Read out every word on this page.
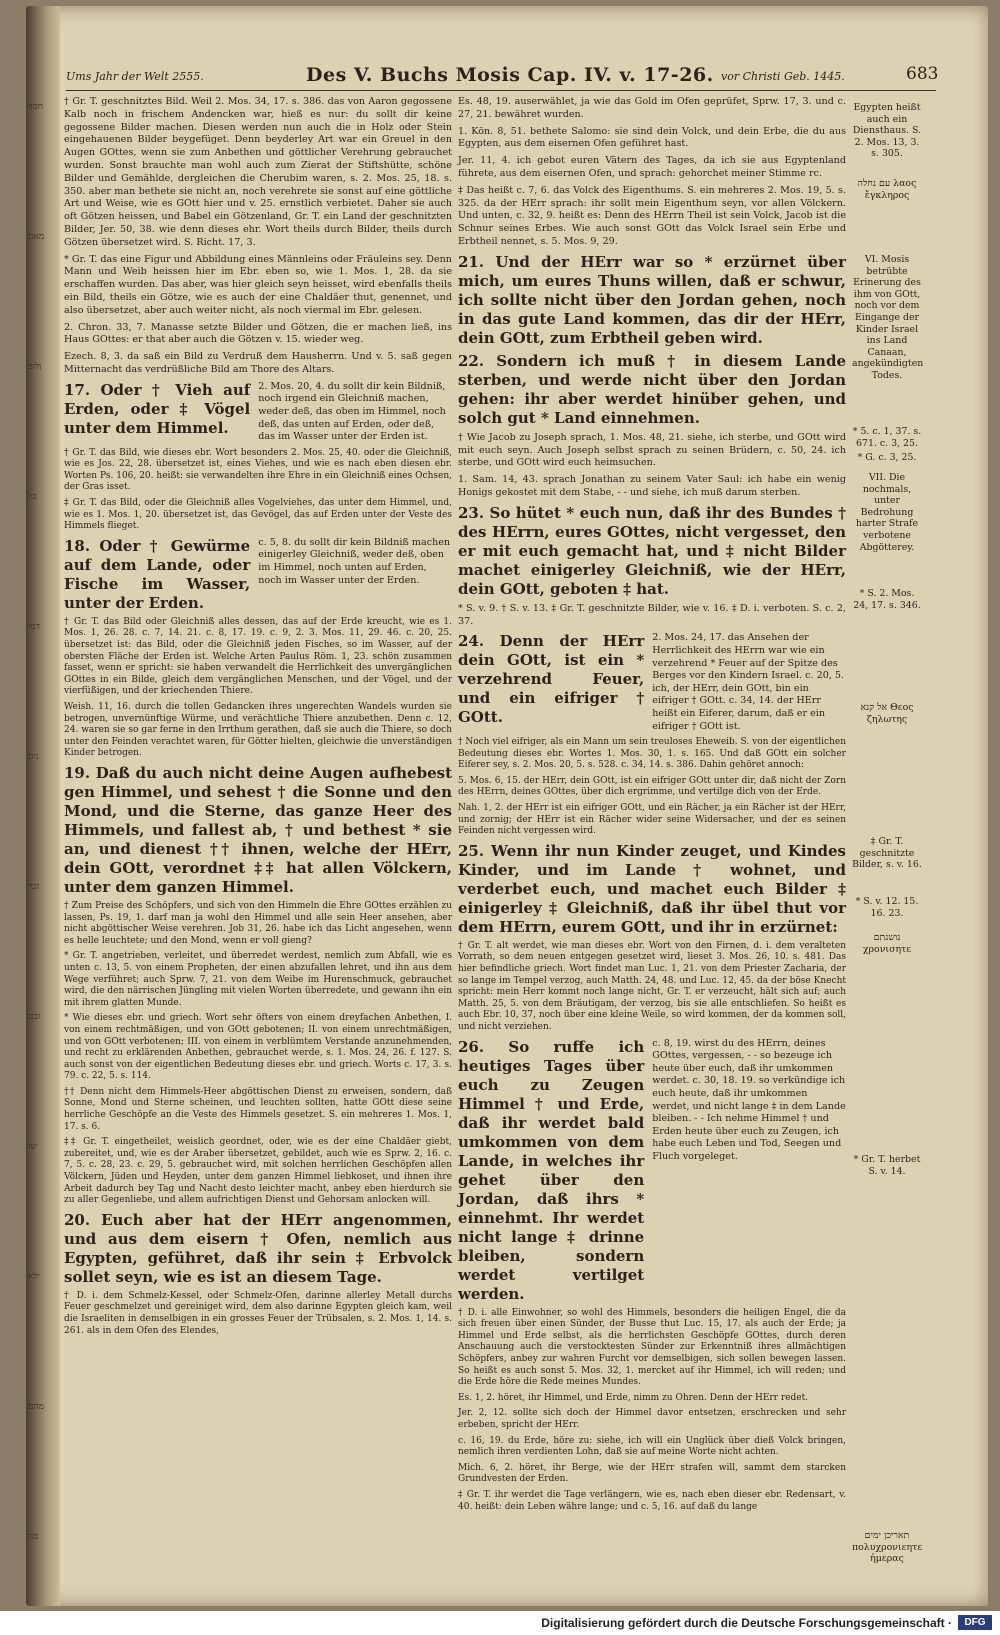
חסף
מאם
ןלזב
כל
דמו
נים
זכר
ובם
שו
ילא
מהם
מה
Ums Jahr der Welt 2555.	Des V. Buchs Mosis Cap. IV. v. 17-26. vor Christi Geb. 1445.	683

† Gr. T. geschnitztes Bild. Weil 2. Mos. 34, 17. s. 386. das von Aaron gegossene Kalb noch in frischem Andencken war, hieß es nur: du sollt dir keine gegossene Bilder machen. Diesen werden nun auch die in Holz oder Stein eingehauenen Bilder beygefüget. Denn beyderley Art war ein Greuel in den Augen GOttes, wenn sie zum Anbethen und göttlicher Verehrung gebrauchet wurden. Sonst brauchte man wohl auch zum Zierat der Stiftshütte, schöne Bilder und Gemählde, dergleichen die Cherubim waren, s. 2. Mos. 25, 18. s. 350. aber man bethete sie nicht an, noch verehrete sie sonst auf eine göttliche Art und Weise, wie es GOtt hier und v. 25. ernstlich verbietet. Daher sie auch oft Götzen heissen, und Babel ein Götzenland, Gr. T. ein Land der geschnitzten Bilder, Jer. 50, 38. wie denn dieses ehr. Wort theils durch Bilder, theils durch Götzen übersetzet wird. S. Richt. 17, 3.

* Gr. T. das eine Figur und Abbildung eines Männleins oder Fräuleins sey. Denn Mann und Weib heissen hier im Ebr. eben so, wie 1. Mos. 1, 28. da sie erschaffen wurden. Das aber, was hier gleich seyn heisset, wird ebenfalls theils ein Bild, theils ein Götze, wie es auch der eine Chaldäer thut, genennet, und also übersetzet, aber auch weiter nicht, als noch viermal im Ebr. gelesen.

2. Chron. 33, 7. Manasse setzte Bilder und Götzen, die er machen ließ, ins Haus GOttes: er that aber auch die Götzen v. 15. wieder weg.

Ezech. 8, 3. da saß ein Bild zu Verdruß dem Hausherrn. Und v. 5. saß gegen Mitternacht das verdrüßliche Bild am Thore des Altars.

17. Oder † Vieh auf Erden, oder ‡ Vögel unter dem Himmel.
2. Mos. 20, 4. du sollt dir kein Bildniß, noch irgend ein Gleichniß machen, weder deß, das oben im Himmel, noch deß, das unten auf Erden, oder deß, das im Wasser unter der Erden ist.

† Gr. T. das Bild, wie dieses ebr. Wort besonders 2. Mos. 25, 40. oder die Gleichniß, wie es Jos. 22, 28. übersetzet ist, eines Viehes, und wie es nach eben diesen ebr. Worten Ps. 106, 20. heißt: sie verwandelten ihre Ehre in ein Gleichniß eines Ochsen, der Gras isset.

‡ Gr. T. das Bild, oder die Gleichniß alles Vogelviehes, das unter dem Himmel, und, wie es 1. Mos. 1, 20. übersetzet ist, das Gevögel, das auf Erden unter der Veste des Himmels flieget.

18. Oder † Gewürme auf dem Lande, oder Fische im Wasser, unter der Erden.
c. 5, 8. du sollt dir kein Bildniß machen einigerley Gleichniß, weder deß, oben im Himmel, noch unten auf Erden, noch im Wasser unter der Erden.

† Gr. T. das Bild oder Gleichniß alles dessen, das auf der Erde kreucht, wie es 1. Mos. 1, 26. 28. c. 7, 14. 21. c. 8, 17. 19. c. 9, 2. 3. Mos. 11, 29. 46. c. 20, 25. übersetzet ist: das Bild, oder die Gleichniß jeden Fisches, so im Wasser, auf der obersten Fläche der Erden ist. Welche Arten Paulus Röm. 1, 23. schön zusammen fasset, wenn er spricht: sie haben verwandelt die Herrlichkeit des unvergänglichen GOttes in ein Bilde, gleich dem vergänglichen Menschen, und der Vögel, und der vierfüßigen, und der kriechenden Thiere.

Weish. 11, 16. durch die tollen Gedancken ihres ungerechten Wandels wurden sie betrogen, unvernünftige Würme, und verächtliche Thiere anzubethen. Denn c. 12, 24. waren sie so gar ferne in den Irrthum gerathen, daß sie auch die Thiere, so doch unter den Feinden verachtet waren, für Götter hielten, gleichwie die unverständigen Kinder betrogen.

19. Daß du auch nicht deine Augen aufhebest gen Himmel, und sehest † die Sonne und den Mond, und die Sterne, das ganze Heer des Himmels, und fallest ab, † und bethest * sie an, und dienest †† ihnen, welche der HErr, dein GOtt, verordnet ‡‡ hat allen Völckern, unter dem ganzen Himmel.

† Zum Preise des Schöpfers, und sich von den Himmeln die Ehre GOttes erzählen zu lassen, Ps. 19, 1. darf man ja wohl den Himmel und alle sein Heer ansehen, aber nicht abgöttischer Weise verehren. Job 31, 26. habe ich das Licht angesehen, wenn es helle leuchtete; und den Mond, wenn er voll gieng?

* Gr. T. angetrieben, verleitet, und überredet werdest, nemlich zum Abfall, wie es unten c. 13, 5. von einem Propheten, der einen abzufallen lehret, und ihn aus dem Wege verführet; auch Sprw. 7, 21. von dem Weibe im Hurenschmuck, gebrauchet wird, die den närrischen Jüngling mit vielen Worten überredete, und gewann ihn ein mit ihrem glatten Munde.

* Wie dieses ebr. und griech. Wort sehr öfters von einem dreyfachen Anbethen, I. von einem rechtmäßigen, und von GOtt gebotenen; II. von einem unrechtmäßigen, und von GOtt verbotenen; III. von einem in verblümtem Verstande anzunehmenden, und recht zu erklärenden Anbethen, gebrauchet werde, s. 1. Mos. 24, 26. f. 127. S. auch sonst von der eigentlichen Bedeutung dieses ebr. und griech. Worts c. 17, 3. s. 79. c. 22, 5. s. 114.

†† Denn nicht dem Himmels-Heer abgöttischen Dienst zu erweisen, sondern, daß Sonne, Mond und Sterne scheinen, und leuchten sollten, hatte GOtt diese seine herrliche Geschöpfe an die Veste des Himmels gesetzet. S. ein mehreres 1. Mos. 1, 17. s. 6.

‡‡ Gr. T. eingetheilet, weislich geordnet, oder, wie es der eine Chaldäer giebt, zubereitet, und, wie es der Araber übersetzet, gebildet, auch wie es Sprw. 2, 16. c. 7, 5. c. 28, 23. c. 29, 5. gebrauchet wird, mit solchen herrlichen Geschöpfen allen Völckern, Jüden und Heyden, unter dem ganzen Himmel liebkoset, und ihnen ihre Arbeit dadurch bey Tag und Nacht desto leichter macht, anbey eben hierdurch sie zu aller Gegenliebe, und allem aufrichtigen Dienst und Gehorsam anlocken will.

20. Euch aber hat der HErr angenommen, und aus dem eisern † Ofen, nemlich aus Egypten, geführet, daß ihr sein ‡ Erbvolck sollet seyn, wie es ist an diesem Tage.

† D. i. dem Schmelz-Kessel, oder Schmelz-Ofen, darinne allerley Metall durchs Feuer geschmelzet und gereiniget wird, dem also darinne Egypten gleich kam, weil die Israeliten in demselbigen in ein grosses Feuer der Trübsalen, s. 2. Mos. 1, 14. s. 261. als in dem Ofen des Elendes,

Es. 48, 19. auserwählet, ja wie das Gold im Ofen geprüfet, Sprw. 17, 3. und c. 27, 21. bewähret wurden.

1. Kön. 8, 51. bethete Salomo: sie sind dein Volck, und dein Erbe, die du aus Egypten, aus dem eisernen Ofen geführet hast.

Jer. 11, 4. ich gebot euren Vätern des Tages, da ich sie aus Egyptenland führete, aus dem eisernen Ofen, und sprach: gehorchet meiner Stimme rc.

‡ Das heißt c. 7, 6. das Volck des Eigenthums. S. ein mehreres 2. Mos. 19, 5. s. 325. da der HErr sprach: ihr sollt mein Eigenthum seyn, vor allen Völckern. Und unten, c. 32, 9. heißt es: Denn des HErrn Theil ist sein Volck, Jacob ist die Schnur seines Erbes. Wie auch sonst GOtt das Volck Israel sein Erbe und Erbtheil nennet, s. 5. Mos. 9, 29.

21. Und der HErr war so * erzürnet über mich, um eures Thuns willen, daß er schwur, ich sollte nicht über den Jordan gehen, noch in das gute Land kommen, das dir der HErr, dein GOtt, zum Erbtheil geben wird.
22. Sondern ich muß † in diesem Lande sterben, und werde nicht über den Jordan gehen: ihr aber werdet hinüber gehen, und solch gut * Land einnehmen.

† Wie Jacob zu Joseph sprach, 1. Mos. 48, 21. siehe, ich sterbe, und GOtt wird mit euch seyn. Auch Joseph selbst sprach zu seinen Brüdern, c. 50, 24. ich sterbe, und GOtt wird euch heimsuchen.

1. Sam. 14, 43. sprach Jonathan zu seinem Vater Saul: ich habe ein wenig Honigs gekostet mit dem Stabe, - - und siehe, ich muß darum sterben.

23. So hütet * euch nun, daß ihr des Bundes † des HErrn, eures GOttes, nicht vergesset, den er mit euch gemacht hat, und ‡ nicht Bilder machet einigerley Gleichniß, wie der HErr, dein GOtt, geboten ‡ hat.

* S. v. 9. † S. v. 13. ‡ Gr. T. geschnitzte Bilder, wie v. 16. ‡ D. i. verboten. S. c. 2, 37.

24. Denn der HErr dein GOtt, ist ein * verzehrend Feuer, und ein eifriger † GOtt.
2. Mos. 24, 17. das Ansehen der Herrlichkeit des HErrn war wie ein verzehrend * Feuer auf der Spitze des Berges vor den Kindern Israel. c. 20, 5. ich, der HErr, dein GOtt, bin ein eifriger † GOtt. c. 34, 14. der HErr heißt ein Eiferer, darum, daß er ein eifriger † GOtt ist.

† Noch viel eifriger, als ein Mann um sein treuloses Eheweib. S. von der eigentlichen Bedeutung dieses ebr. Wortes 1. Mos. 30, 1. s. 165. Und daß GOtt ein solcher Eiferer sey, s. 2. Mos. 20, 5. s. 528. c. 34, 14. s. 386. Dahin gehöret annoch:

5. Mos. 6, 15. der HErr, dein GOtt, ist ein eifriger GOtt unter dir, daß nicht der Zorn des HErrn, deines GOttes, über dich ergrimme, und vertilge dich von der Erde.

Nah. 1, 2. der HErr ist ein eifriger GOtt, und ein Rächer, ja ein Rächer ist der HErr, und zornig; der HErr ist ein Rächer wider seine Widersacher, und der es seinen Feinden nicht vergessen wird.

25. Wenn ihr nun Kinder zeuget, und Kindes Kinder, und im Lande † wohnet, und verderbet euch, und machet euch Bilder ‡ einigerley ‡ Gleichniß, daß ihr übel thut vor dem HErrn, eurem GOtt, und ihr in erzürnet:

† Gr. T. alt werdet, wie man dieses ebr. Wort von den Firnen, d. i. dem veralteten Vorrath, so dem neuen entgegen gesetzet wird, lieset 3. Mos. 26, 10. s. 481. Das hier befindliche griech. Wort findet man Luc. 1, 21. von dem Priester Zacharia, der so lange im Tempel verzog, auch Matth. 24, 48. und Luc. 12, 45. da der böse Knecht spricht: mein Herr kommt noch lange nicht, Gr. T. er verzeucht, hält sich auf; auch Matth. 25, 5. von dem Bräutigam, der verzog, bis sie alle entschliefen. So heißt es auch Ebr. 10, 37, noch über eine kleine Weile, so wird kommen, der da kommen soll, und nicht verziehen.

26. So ruffe ich heutiges Tages über euch zu Zeugen Himmel † und Erde, daß ihr werdet bald umkommen von dem Lande, in welches ihr gehet über den Jordan, daß ihrs * einnehmt. Ihr werdet nicht lange ‡ drinne bleiben, sondern werdet vertilget werden.
c. 8, 19. wirst du des HErrn, deines GOttes, vergessen, - - so bezeuge ich heute über euch, daß ihr umkommen werdet. c. 30, 18. 19. so verkündige ich euch heute, daß ihr umkommen werdet, und nicht lange ‡ in dem Lande bleiben. - - Ich nehme Himmel † und Erden heute über euch zu Zeugen, ich habe euch Leben und Tod, Seegen und Fluch vorgeleget.

† D. i. alle Einwohner, so wohl des Himmels, besonders die heiligen Engel, die da sich freuen über einen Sünder, der Busse thut Luc. 15, 17. als auch der Erde; ja Himmel und Erde selbst, als die herrlichsten Geschöpfe GOttes, durch deren Anschauung auch die verstocktesten Sünder zur Erkenntniß ihres allmächtigen Schöpfers, anbey zur wahren Furcht vor demselbigen, sich sollen bewegen lassen. So heißt es auch sonst 5. Mos. 32, 1. mercket auf ihr Himmel, ich will reden; und die Erde höre die Rede meines Mundes.

Es. 1, 2. höret, ihr Himmel, und Erde, nimm zu Ohren. Denn der HErr redet.

Jer. 2, 12. sollte sich doch der Himmel davor entsetzen, erschrecken und sehr erbeben, spricht der HErr.

c. 16, 19. du Erde, höre zu: siehe, ich will ein Unglück über dieß Volck bringen, nemlich ihren verdienten Lohn, daß sie auf meine Worte nicht achten.

Mich. 6, 2. höret, ihr Berge, wie der HErr strafen will, sammt dem starcken Grundvesten der Erden.

‡ Gr. T. ihr werdet die Tage verlängern, wie es, nach eben dieser ebr. Redensart, v. 40. heißt: dein Leben währe lange; und c. 5, 16. auf daß du lange

Egypten heißt auch ein Diensthaus. S. 2. Mos. 13, 3. s. 305.
עם נחלה λαος ἔγκληρος
VI. Mosis betrübte Erinerung des ihm von GOtt, noch vor dem Eingange der Kinder Israel ins Land Canaan, angekündigten Todes.
* 5. c. 1, 37. s. 671. c. 3, 25.
* G. c. 3, 25.
VII. Die nochmals, unter Bedrohung harter Strafe verbotene Abgötterey.
* S. 2. Mos. 24, 17. s. 346.
אל קנא Θεος ζηλωτης
‡ Gr. T. geschnitzte Bilder, s. v. 16.
* S. v. 12. 15. 16. 23.
נושנתם χρονισητε
* Gr. T. herbet S. v. 14.
תאריכן ימים πολυχρονιεητε ἡμερας
Digitalisierung gefördert durch die Deutsche Forschungsgemeinschaft ·	DFG
